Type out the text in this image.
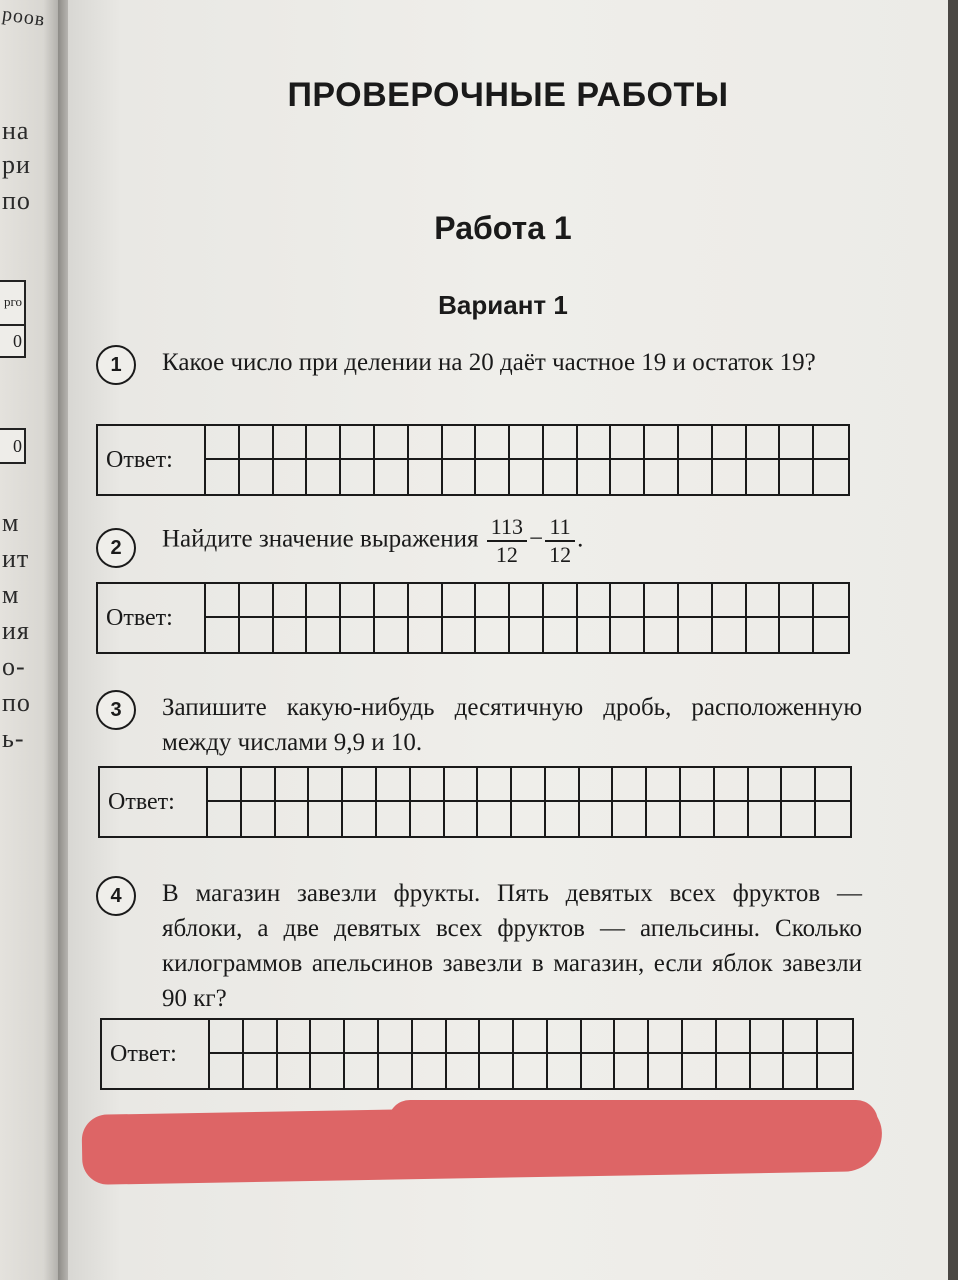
роов
на
ри
по
рго
0
0
м
ит
м
ия
о-
по
ь-
ПРОВЕРОЧНЫЕ РАБОТЫ
Работа 1
Вариант 1
1	Какое число при делении на 20 даёт частное 19 и остаток 19?
Ответ:
2	Найдите значение выражения $\frac{113}{12} - \frac{11}{12}$ .
Ответ:
3	Запишите какую-нибудь десятичную дробь, расположенную между числами 9,9 и 10.
Ответ:
4	В магазин завезли фрукты. Пять девятых всех фруктов — яблоки, а две девятых всех фруктов — апельсины. Сколько килограммов апельсинов завезли в магазин, если яблок завезли 90 кг?
Ответ:
